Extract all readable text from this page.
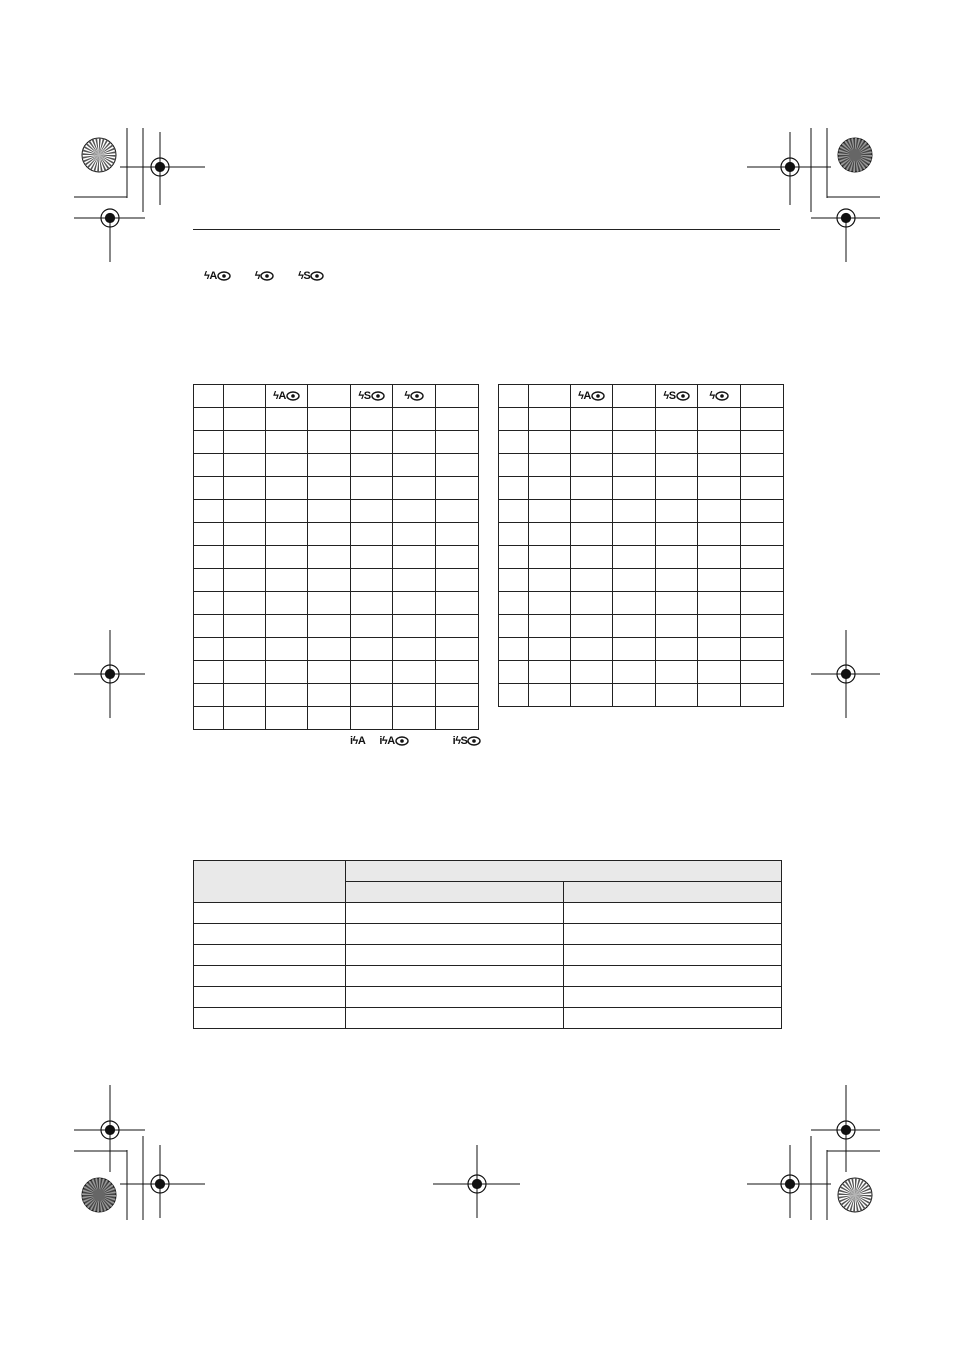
ϟA	ϟ	ϟS
		ϟA		ϟS	ϟ

			ϟA		ϟS	ϟ

iϟA iϟA	iϟS
